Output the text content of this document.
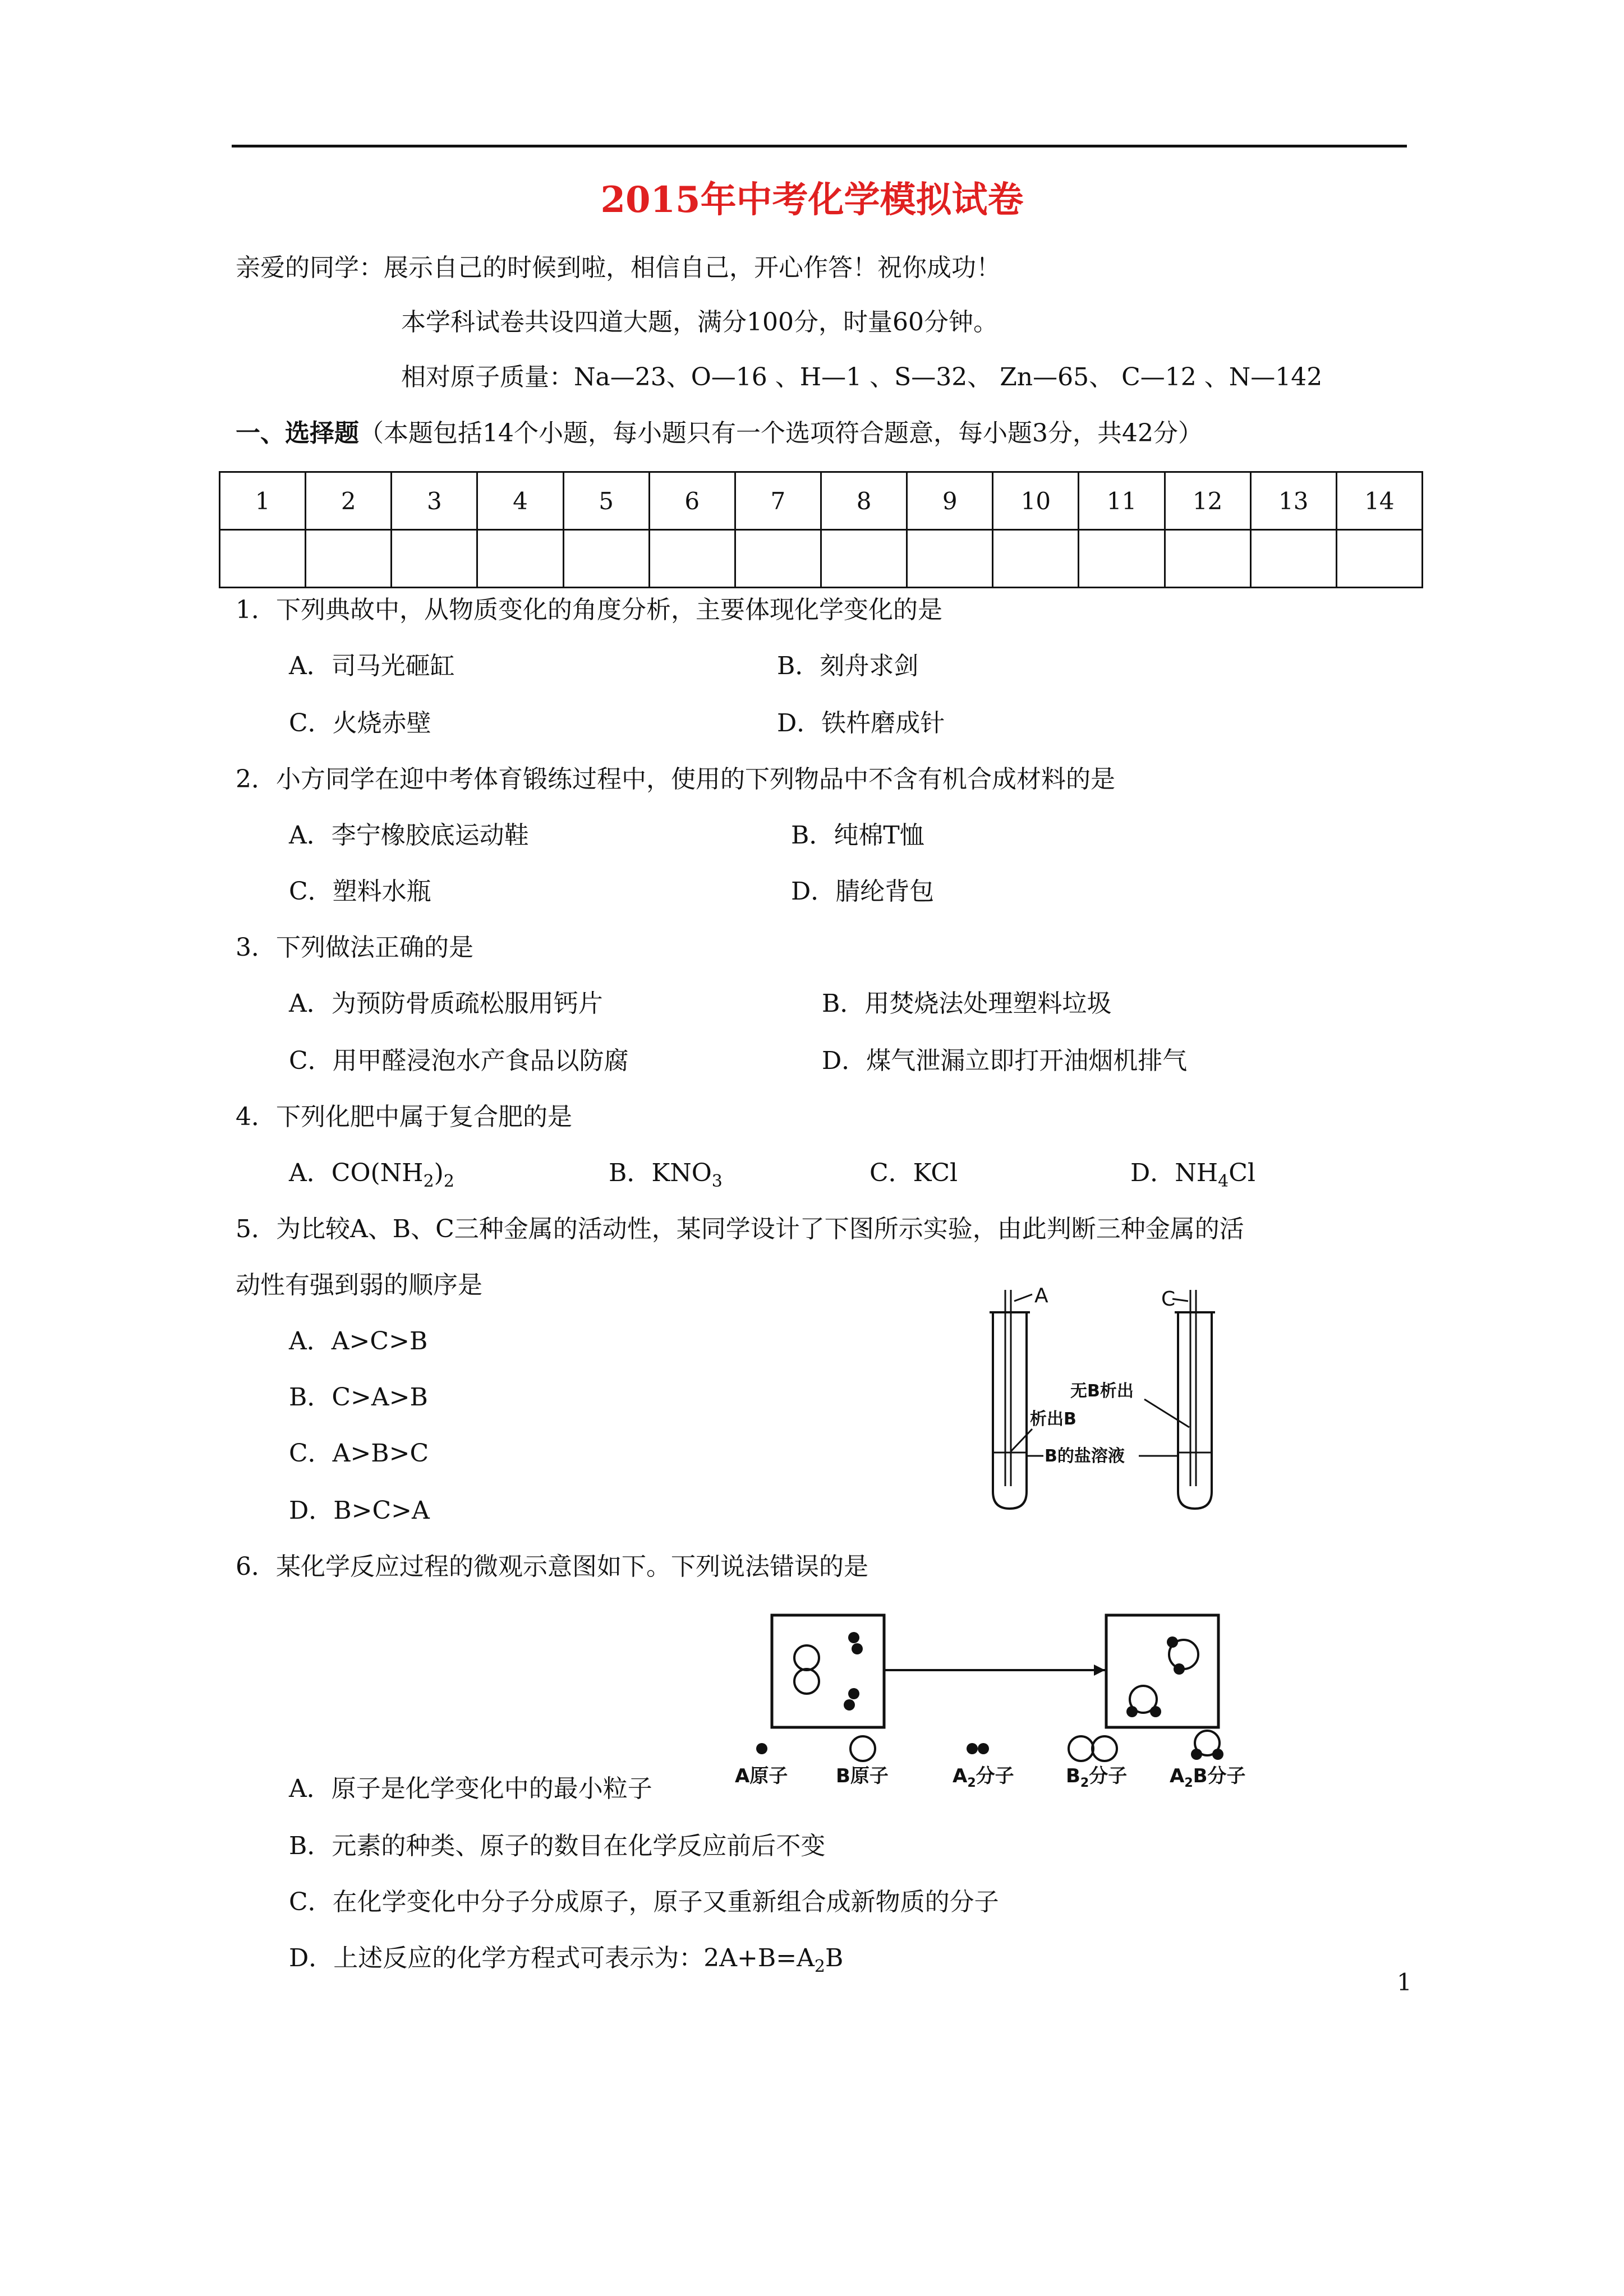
2015年中考化学模拟试卷
亲爱的同学：展示自己的时候到啦，相信自己，开心作答！祝你成功！
本学科试卷共设四道大题，满分100分，时量60分钟。
相对原子质量：Na—23、O—16 、H—1 、S—32、 Zn—65、 C—12 、N—142
一、选择题（本题包括14个小题，每小题只有一个选项符合题意，每小题3分，共42分）
1	2	3	4	5	6	7	8	9	10	11	12	13	14

1．下列典故中，从物质变化的角度分析，主要体现化学变化的是
A．司马光砸缸	B．刻舟求剑
C．火烧赤壁	D．铁杵磨成针
2．小方同学在迎中考体育锻练过程中，使用的下列物品中不含有机合成材料的是
A．李宁橡胶底运动鞋	B．纯棉T恤
C．塑料水瓶	D．腈纶背包
3．下列做法正确的是
A．为预防骨质疏松服用钙片	B．用焚烧法处理塑料垃圾
C．用甲醛浸泡水产食品以防腐	D．煤气泄漏立即打开油烟机排气
4．下列化肥中属于复合肥的是
A．$CO(NH_2)_2$	B．$KNO_3$	C．KCl	D．$NH_4Cl$
5．为比较A、B、C三种金属的活动性，某同学设计了下图所示实验，由此判断三种金属的活
动性有强到弱的顺序是
A．A>C>B
B．C>A>B
C．A>B>C
D．B>C>A
A	C
无B析出
析出B
B的盐溶液
6．某化学反应过程的微观示意图如下。下列说法错误的是
A原子	B原子	$A_2$分子	$B_2$分子 $A_2B$分子
A．原子是化学变化中的最小粒子
B．元素的种类、原子的数目在化学反应前后不变
C．在化学变化中分子分成原子，原子又重新组合成新物质的分子
D．上述反应的化学方程式可表示为：$2A+B=A_2B$
1
